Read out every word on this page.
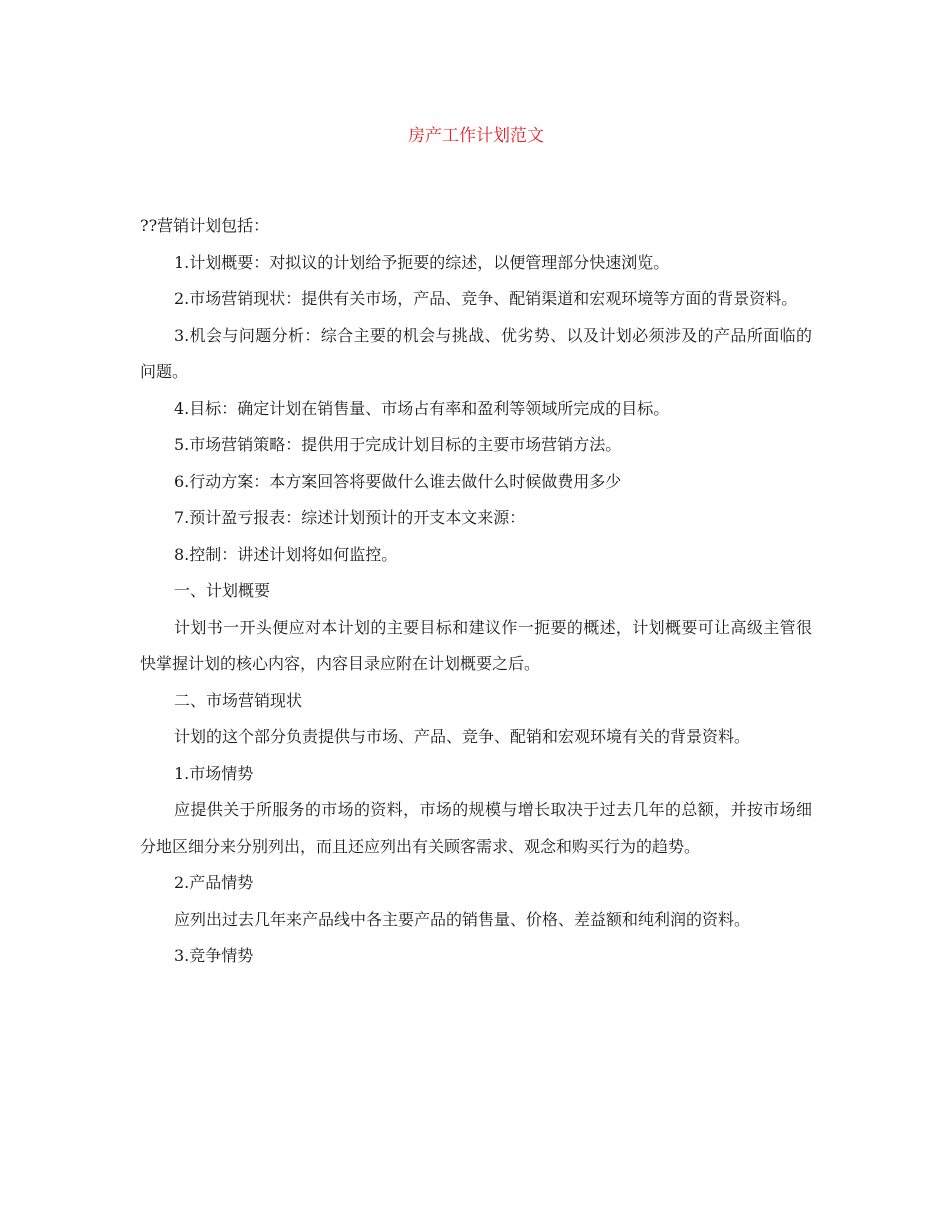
房产工作计划范文

??营销计划包括：

1.计划概要：对拟议的计划给予扼要的综述，以便管理部分快速浏览。

2.市场营销现状：提供有关市场，产品、竞争、配销渠道和宏观环境等方面的背景资料。

3.机会与问题分析：综合主要的机会与挑战、优劣势、以及计划必须涉及的产品所面临的问题。

4.目标：确定计划在销售量、市场占有率和盈利等领域所完成的目标。

5.市场营销策略：提供用于完成计划目标的主要市场营销方法。

6.行动方案：本方案回答将要做什么谁去做什么时候做费用多少

7.预计盈亏报表：综述计划预计的开支本文来源：

8.控制：讲述计划将如何监控。

一、计划概要

计划书一开头便应对本计划的主要目标和建议作一扼要的概述，计划概要可让高级主管很快掌握计划的核心内容，内容目录应附在计划概要之后。

二、市场营销现状

计划的这个部分负责提供与市场、产品、竞争、配销和宏观环境有关的背景资料。

1.市场情势

应提供关于所服务的市场的资料，市场的规模与增长取决于过去几年的总额，并按市场细分地区细分来分别列出，而且还应列出有关顾客需求、观念和购买行为的趋势。

2.产品情势

应列出过去几年来产品线中各主要产品的销售量、价格、差益额和纯利润的资料。

3.竞争情势
